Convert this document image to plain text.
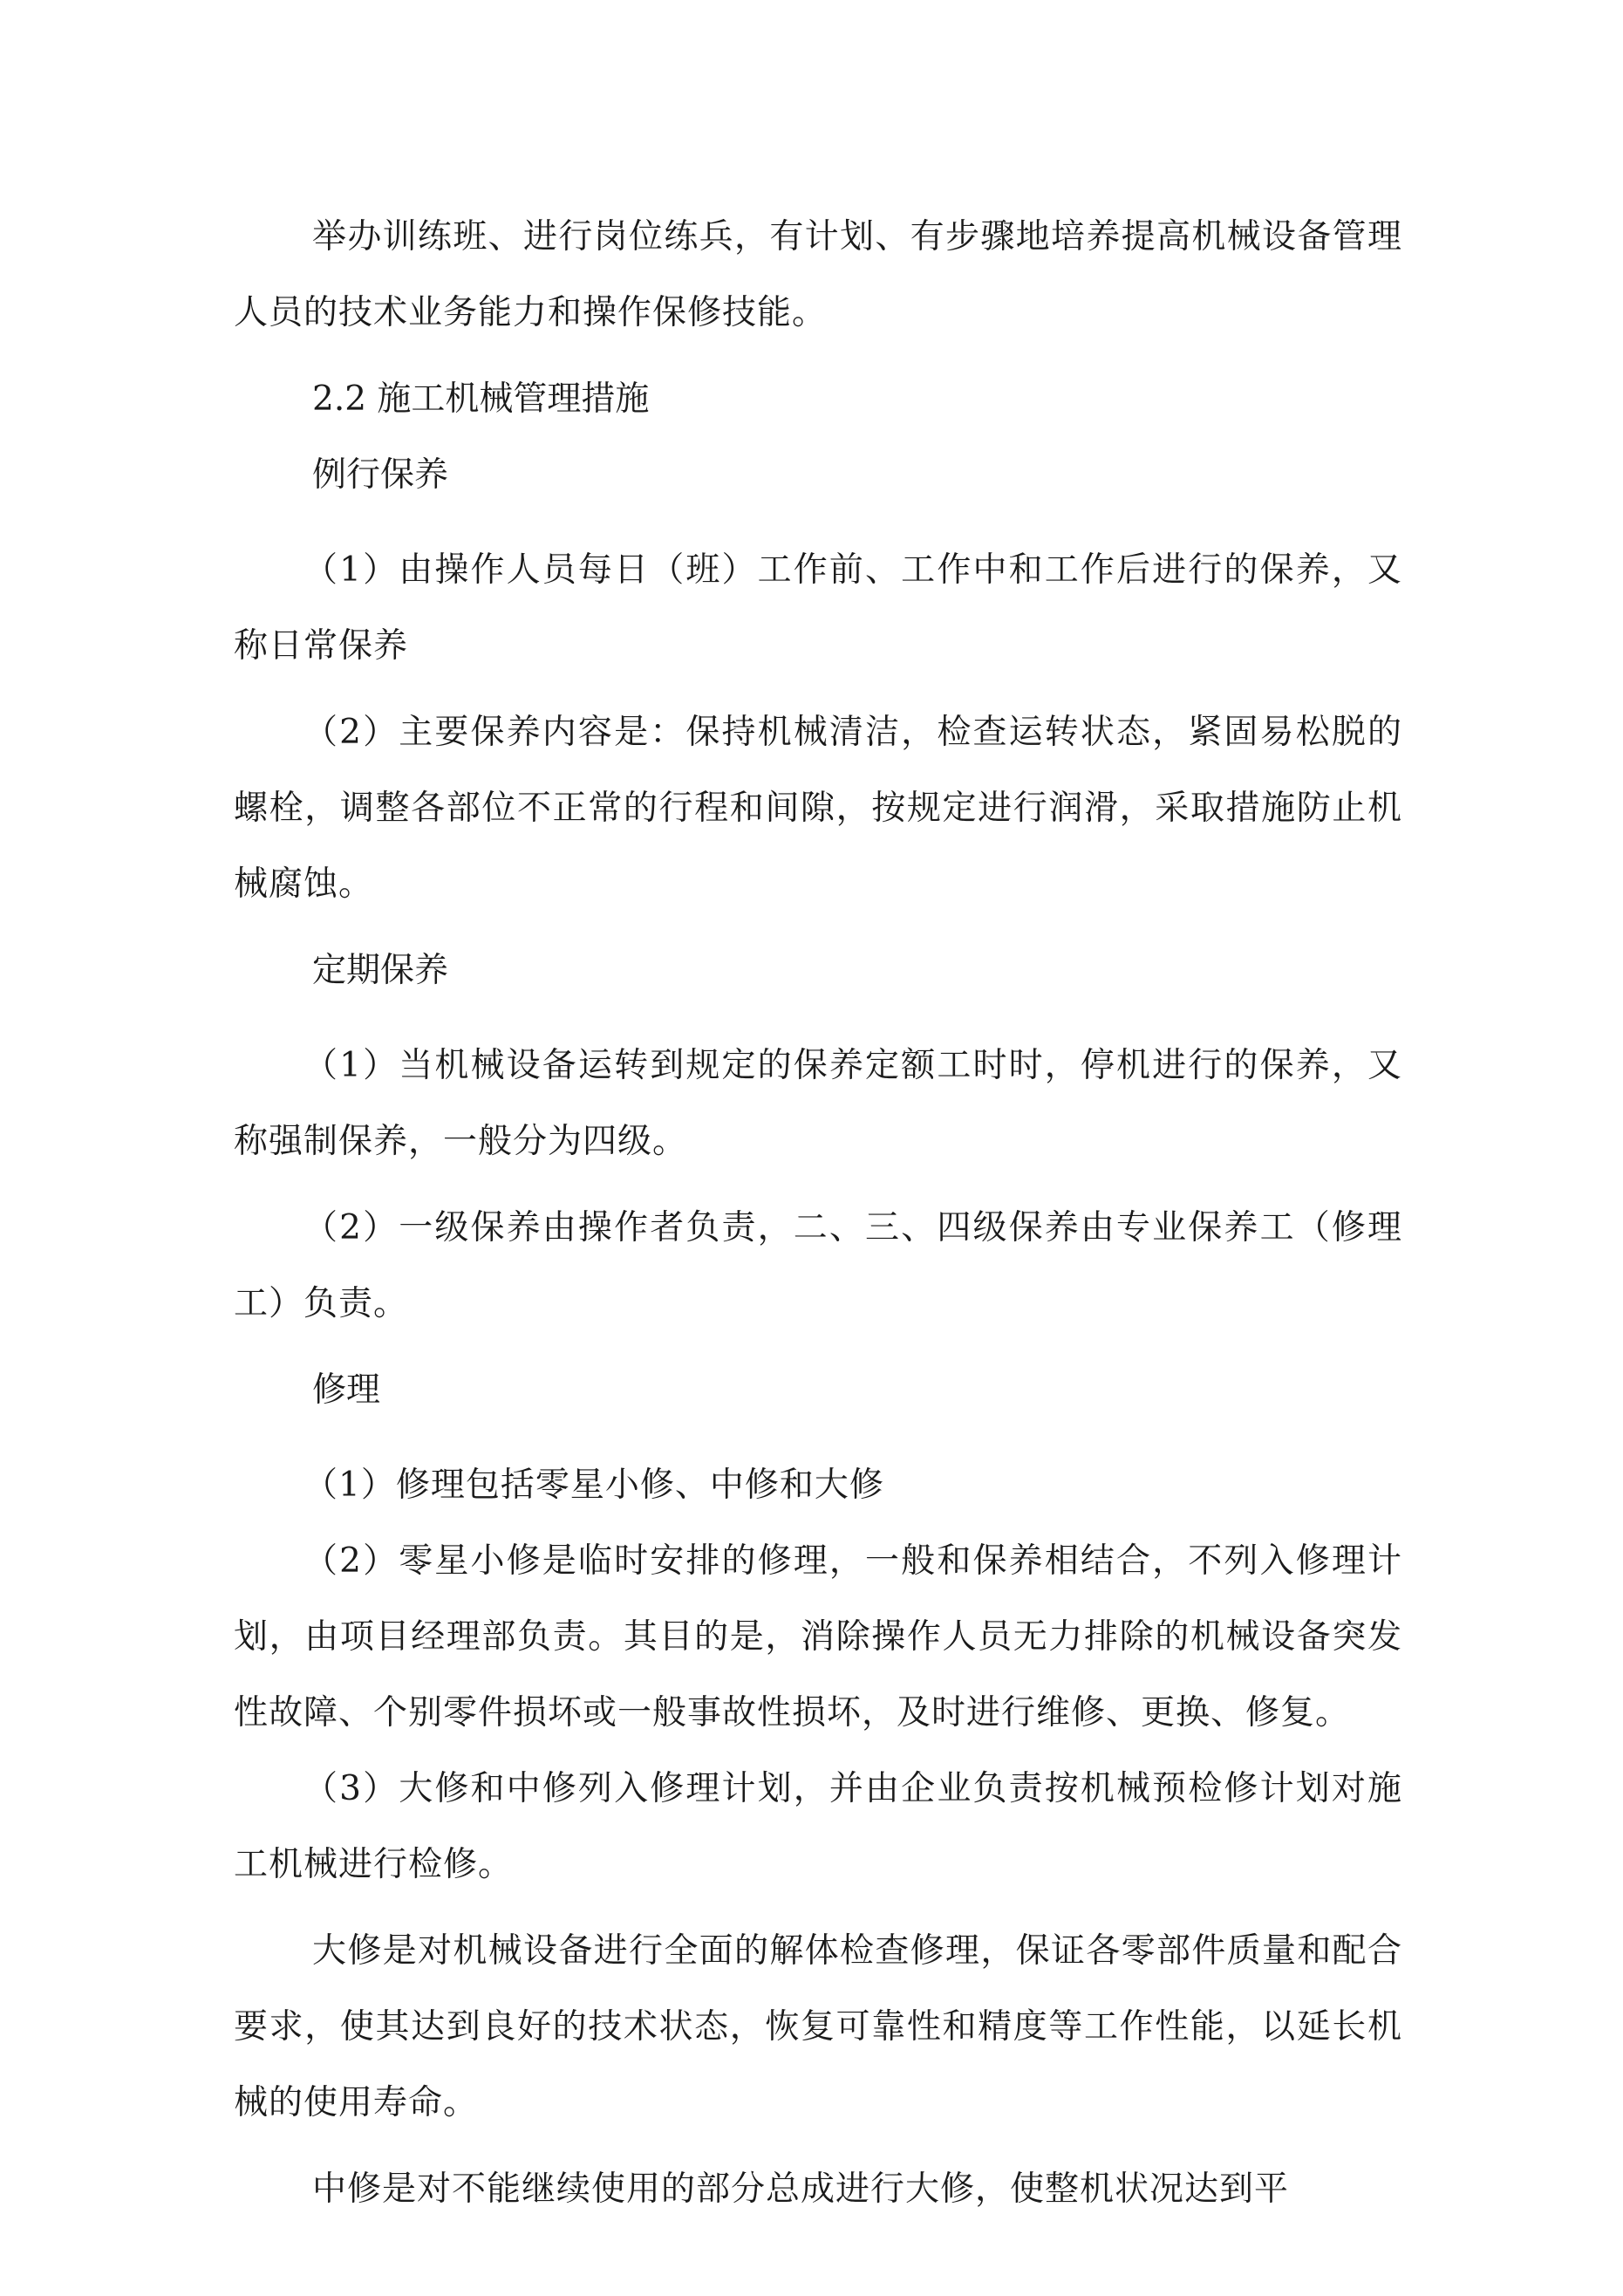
举办训练班、进行岗位练兵，有计划、有步骤地培养提高机械设备管理人员的技术业务能力和操作保修技能。

2.2 施工机械管理措施

例行保养

（1）由操作人员每日（班）工作前、工作中和工作后进行的保养，又称日常保养

（2）主要保养内容是：保持机械清洁，检查运转状态，紧固易松脱的螺栓，调整各部位不正常的行程和间隙，按规定进行润滑，采取措施防止机械腐蚀。

定期保养

（1）当机械设备运转到规定的保养定额工时时，停机进行的保养，又称强制保养，一般分为四级。

（2）一级保养由操作者负责，二、三、四级保养由专业保养工（修理工）负责。

修理

（1）修理包括零星小修、中修和大修

（2）零星小修是临时安排的修理，一般和保养相结合，不列入修理计划，由项目经理部负责。其目的是，消除操作人员无力排除的机械设备突发性故障、个别零件损坏或一般事故性损坏，及时进行维修、更换、修复。

（3）大修和中修列入修理计划，并由企业负责按机械预检修计划对施工机械进行检修。

大修是对机械设备进行全面的解体检查修理，保证各零部件质量和配合要求，使其达到良好的技术状态，恢复可靠性和精度等工作性能，以延长机械的使用寿命。

中修是对不能继续使用的部分总成进行大修，使整机状况达到平
